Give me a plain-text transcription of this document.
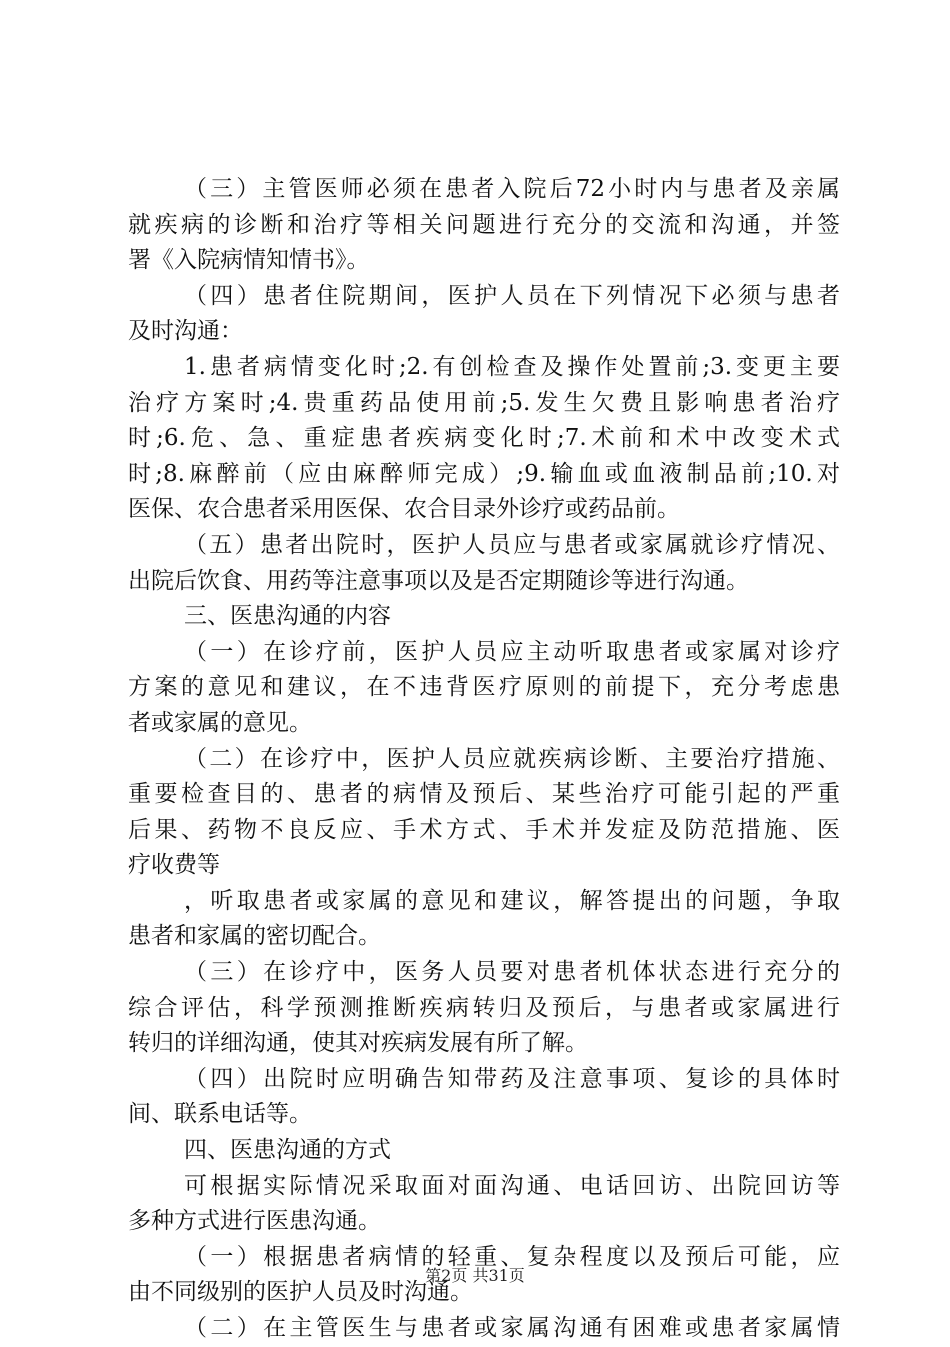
（三）主管医师必须在患者入院后72小时内与患者及亲属
就疾病的诊断和治疗等相关问题进行充分的交流和沟通，并签
署《入院病情知情书》。
（四）患者住院期间，医护人员在下列情况下必须与患者
及时沟通：
1.患者病情变化时;2.有创检查及操作处置前;3.变更主要
治疗方案时;4.贵重药品使用前;5.发生欠费且影响患者治疗
时;6.危、急、重症患者疾病变化时;7.术前和术中改变术式
时;8.麻醉前（应由麻醉师完成）;9.输血或血液制品前;10.对
医保、农合患者采用医保、农合目录外诊疗或药品前。
（五）患者出院时，医护人员应与患者或家属就诊疗情况、
出院后饮食、用药等注意事项以及是否定期随诊等进行沟通。
三、医患沟通的内容
（一）在诊疗前，医护人员应主动听取患者或家属对诊疗
方案的意见和建议，在不违背医疗原则的前提下，充分考虑患
者或家属的意见。
（二）在诊疗中，医护人员应就疾病诊断、主要治疗措施、
重要检查目的、患者的病情及预后、某些治疗可能引起的严重
后果、药物不良反应、手术方式、手术并发症及防范措施、医
疗收费等
，听取患者或家属的意见和建议，解答提出的问题，争取
患者和家属的密切配合。
（三）在诊疗中，医务人员要对患者机体状态进行充分的
综合评估，科学预测推断疾病转归及预后，与患者或家属进行
转归的详细沟通，使其对疾病发展有所了解。
（四）出院时应明确告知带药及注意事项、复诊的具体时
间、联系电话等。
四、医患沟通的方式
可根据实际情况采取面对面沟通、电话回访、出院回访等
多种方式进行医患沟通。
（一）根据患者病情的轻重、复杂程度以及预后可能，应
由不同级别的医护人员及时沟通。
（二）在主管医生与患者或家属沟通有困难或患者家属情
第2页 共31页
